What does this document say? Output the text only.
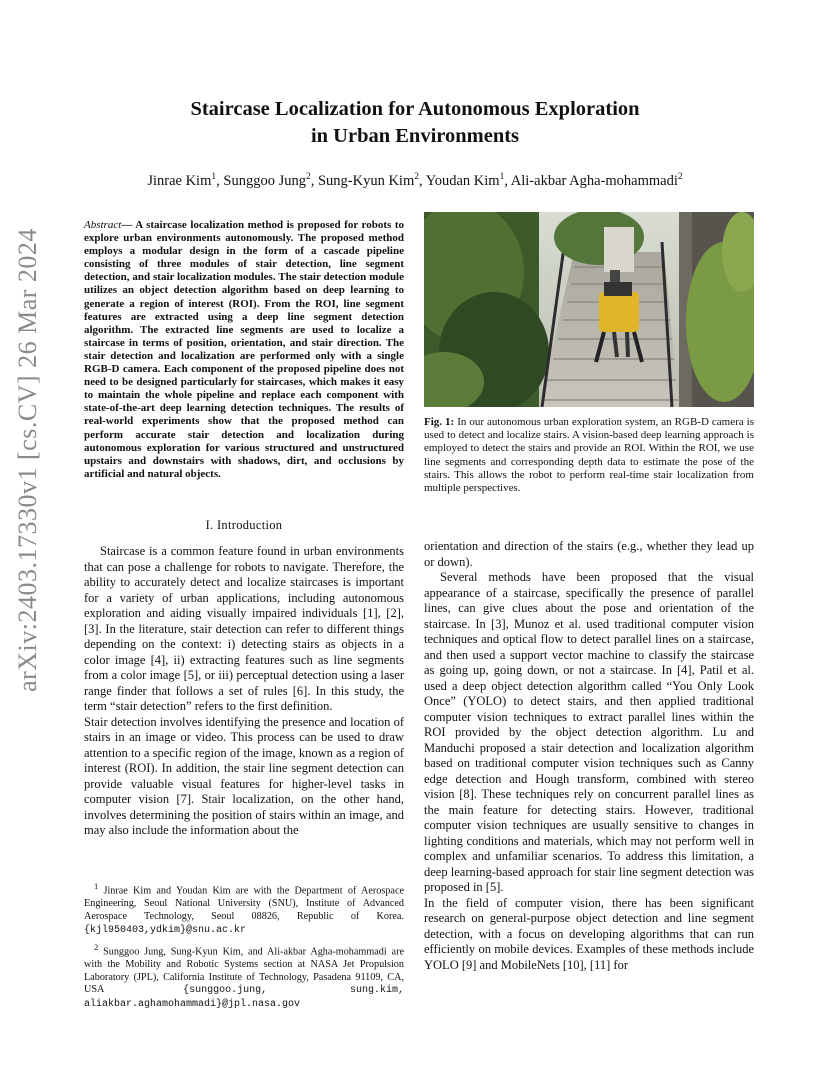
arXiv:2403.17330v1 [cs.CV] 26 Mar 2024
Staircase Localization for Autonomous Exploration
in Urban Environments
Jinrae Kim$^1$, Sunggoo Jung$^2$, Sung-Kyun Kim$^2$, Youdan Kim$^1$, Ali-akbar Agha-mohammadi$^2$
Abstract— A staircase localization method is proposed for robots to explore urban environments autonomously. The proposed method employs a modular design in the form of a cascade pipeline consisting of three modules of stair detection, line segment detection, and stair localization modules. The stair detection module utilizes an object detection algorithm based on deep learning to generate a region of interest (ROI). From the ROI, line segment features are extracted using a deep line segment detection algorithm. The extracted line segments are used to localize a staircase in terms of position, orientation, and stair direction. The stair detection and localization are performed only with a single RGB-D camera. Each component of the proposed pipeline does not need to be designed particularly for staircases, which makes it easy to maintain the whole pipeline and replace each component with state-of-the-art deep learning detection techniques. The results of real-world experiments show that the proposed method can perform accurate stair detection and localization during autonomous exploration for various structured and unstructured upstairs and downstairs with shadows, dirt, and occlusions by artificial and natural objects.
Fig. 1: In our autonomous urban exploration system, an RGB-D camera is used to detect and localize stairs. A vision-based deep learning approach is employed to detect the stairs and provide an ROI. Within the ROI, we use line segments and corresponding depth data to estimate the pose of the stairs. This allows the robot to perform real-time stair localization from multiple perspectives.
I. Introduction

Staircase is a common feature found in urban environments that can pose a challenge for robots to navigate. Therefore, the ability to accurately detect and localize staircases is important for a variety of urban applications, including autonomous exploration and aiding visually impaired individuals [1], [2], [3]. In the literature, stair detection can refer to different things depending on the context: i) detecting stairs as objects in a color image [4], ii) extracting features such as line segments from a color image [5], or iii) perceptual detection using a laser range finder that follows a set of rules [6]. In this study, the term “stair detection” refers to the first definition.

Stair detection involves identifying the presence and location of stairs in an image or video. This process can be used to draw attention to a specific region of the image, known as a region of interest (ROI). In addition, the stair line segment detection can provide valuable visual features for higher-level tasks in computer vision [7]. Stair localization, on the other hand, involves determining the position of stairs within an image, and may also include the information about the

orientation and direction of the stairs (e.g., whether they lead up or down).

Several methods have been proposed that the visual appearance of a staircase, specifically the presence of parallel lines, can give clues about the pose and orientation of the staircase. In [3], Munoz et al. used traditional computer vision techniques and optical flow to detect parallel lines on a staircase, and then used a support vector machine to classify the staircase as going up, going down, or not a staircase. In [4], Patil et al. used a deep object detection algorithm called “You Only Look Once” (YOLO) to detect stairs, and then applied traditional computer vision techniques to extract parallel lines within the ROI provided by the object detection algorithm. Lu and Manduchi proposed a stair detection and localization algorithm based on traditional computer vision techniques such as Canny edge detection and Hough transform, combined with stereo vision [8]. These techniques rely on concurrent parallel lines as the main feature for detecting stairs. However, traditional computer vision techniques are usually sensitive to changes in lighting conditions and materials, which may not perform well in complex and unfamiliar scenarios. To address this limitation, a deep learning-based approach for stair line segment detection was proposed in [5].

In the field of computer vision, there has been significant research on general-purpose object detection and line segment detection, with a focus on developing algorithms that can run efficiently on mobile devices. Examples of these methods include YOLO [9] and MobileNets [10], [11] for

$^1$ Jinrae Kim and Youdan Kim are with the Department of Aerospace Engineering, Seoul National University (SNU), Institute of Advanced Aerospace Technology, Seoul 08826, Republic of Korea. {kjl950403,ydkim}@snu.ac.kr

$^2$ Sunggoo Jung, Sung-Kyun Kim, and Ali-akbar Agha-mohammadi are with the Mobility and Robotic Systems section at NASA Jet Propulsion Laboratory (JPL), California Institute of Technology, Pasadena 91109, CA, USA {sunggoo.jung, sung.kim, aliakbar.aghamohammadi}@jpl.nasa.gov
